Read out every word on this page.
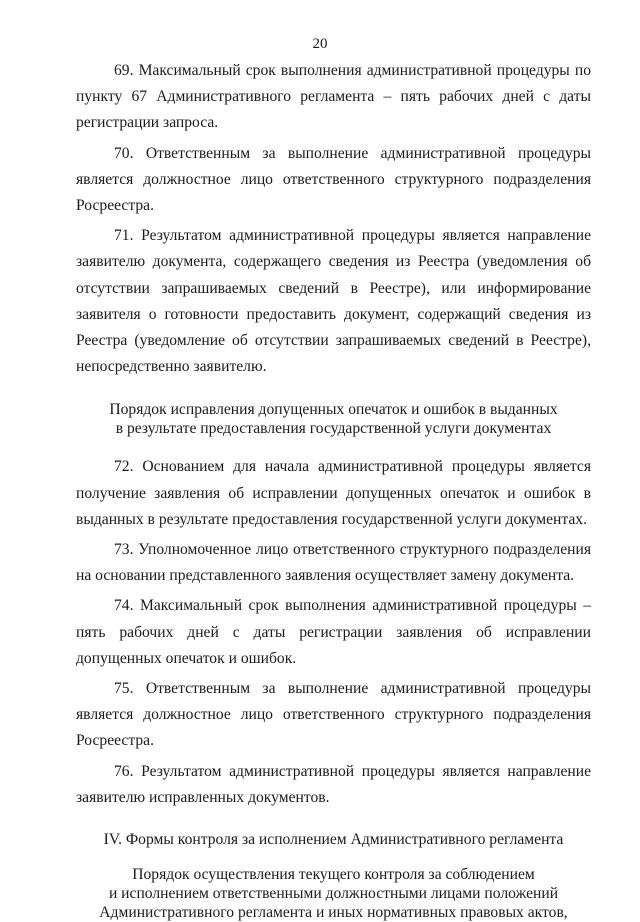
20

69. Максимальный срок выполнения административной процедуры по пункту 67 Административного регламента – пять рабочих дней с даты регистрации запроса.

70. Ответственным за выполнение административной процедуры является должностное лицо ответственного структурного подразделения Росреестра.

71. Результатом административной процедуры является направление заявителю документа, содержащего сведения из Реестра (уведомления об отсутствии запрашиваемых сведений в Реестре), или информирование заявителя о готовности предоставить документ, содержащий сведения из Реестра (уведомление об отсутствии запрашиваемых сведений в Реестре), непосредственно заявителю.

Порядок исправления допущенных опечаток и ошибок в выданных
в результате предоставления государственной услуги документах

72. Основанием для начала административной процедуры является получение заявления об исправлении допущенных опечаток и ошибок в выданных в результате предоставления государственной услуги документах.

73. Уполномоченное лицо ответственного структурного подразделения на основании представленного заявления осуществляет замену документа.

74. Максимальный срок выполнения административной процедуры – пять рабочих дней с даты регистрации заявления об исправлении допущенных опечаток и ошибок.

75. Ответственным за выполнение административной процедуры является должностное лицо ответственного структурного подразделения Росреестра.

76. Результатом административной процедуры является направление заявителю исправленных документов.

IV. Формы контроля за исполнением Административного регламента

Порядок осуществления текущего контроля за соблюдением
и исполнением ответственными должностными лицами положений
Административного регламента и иных нормативных правовых актов,
